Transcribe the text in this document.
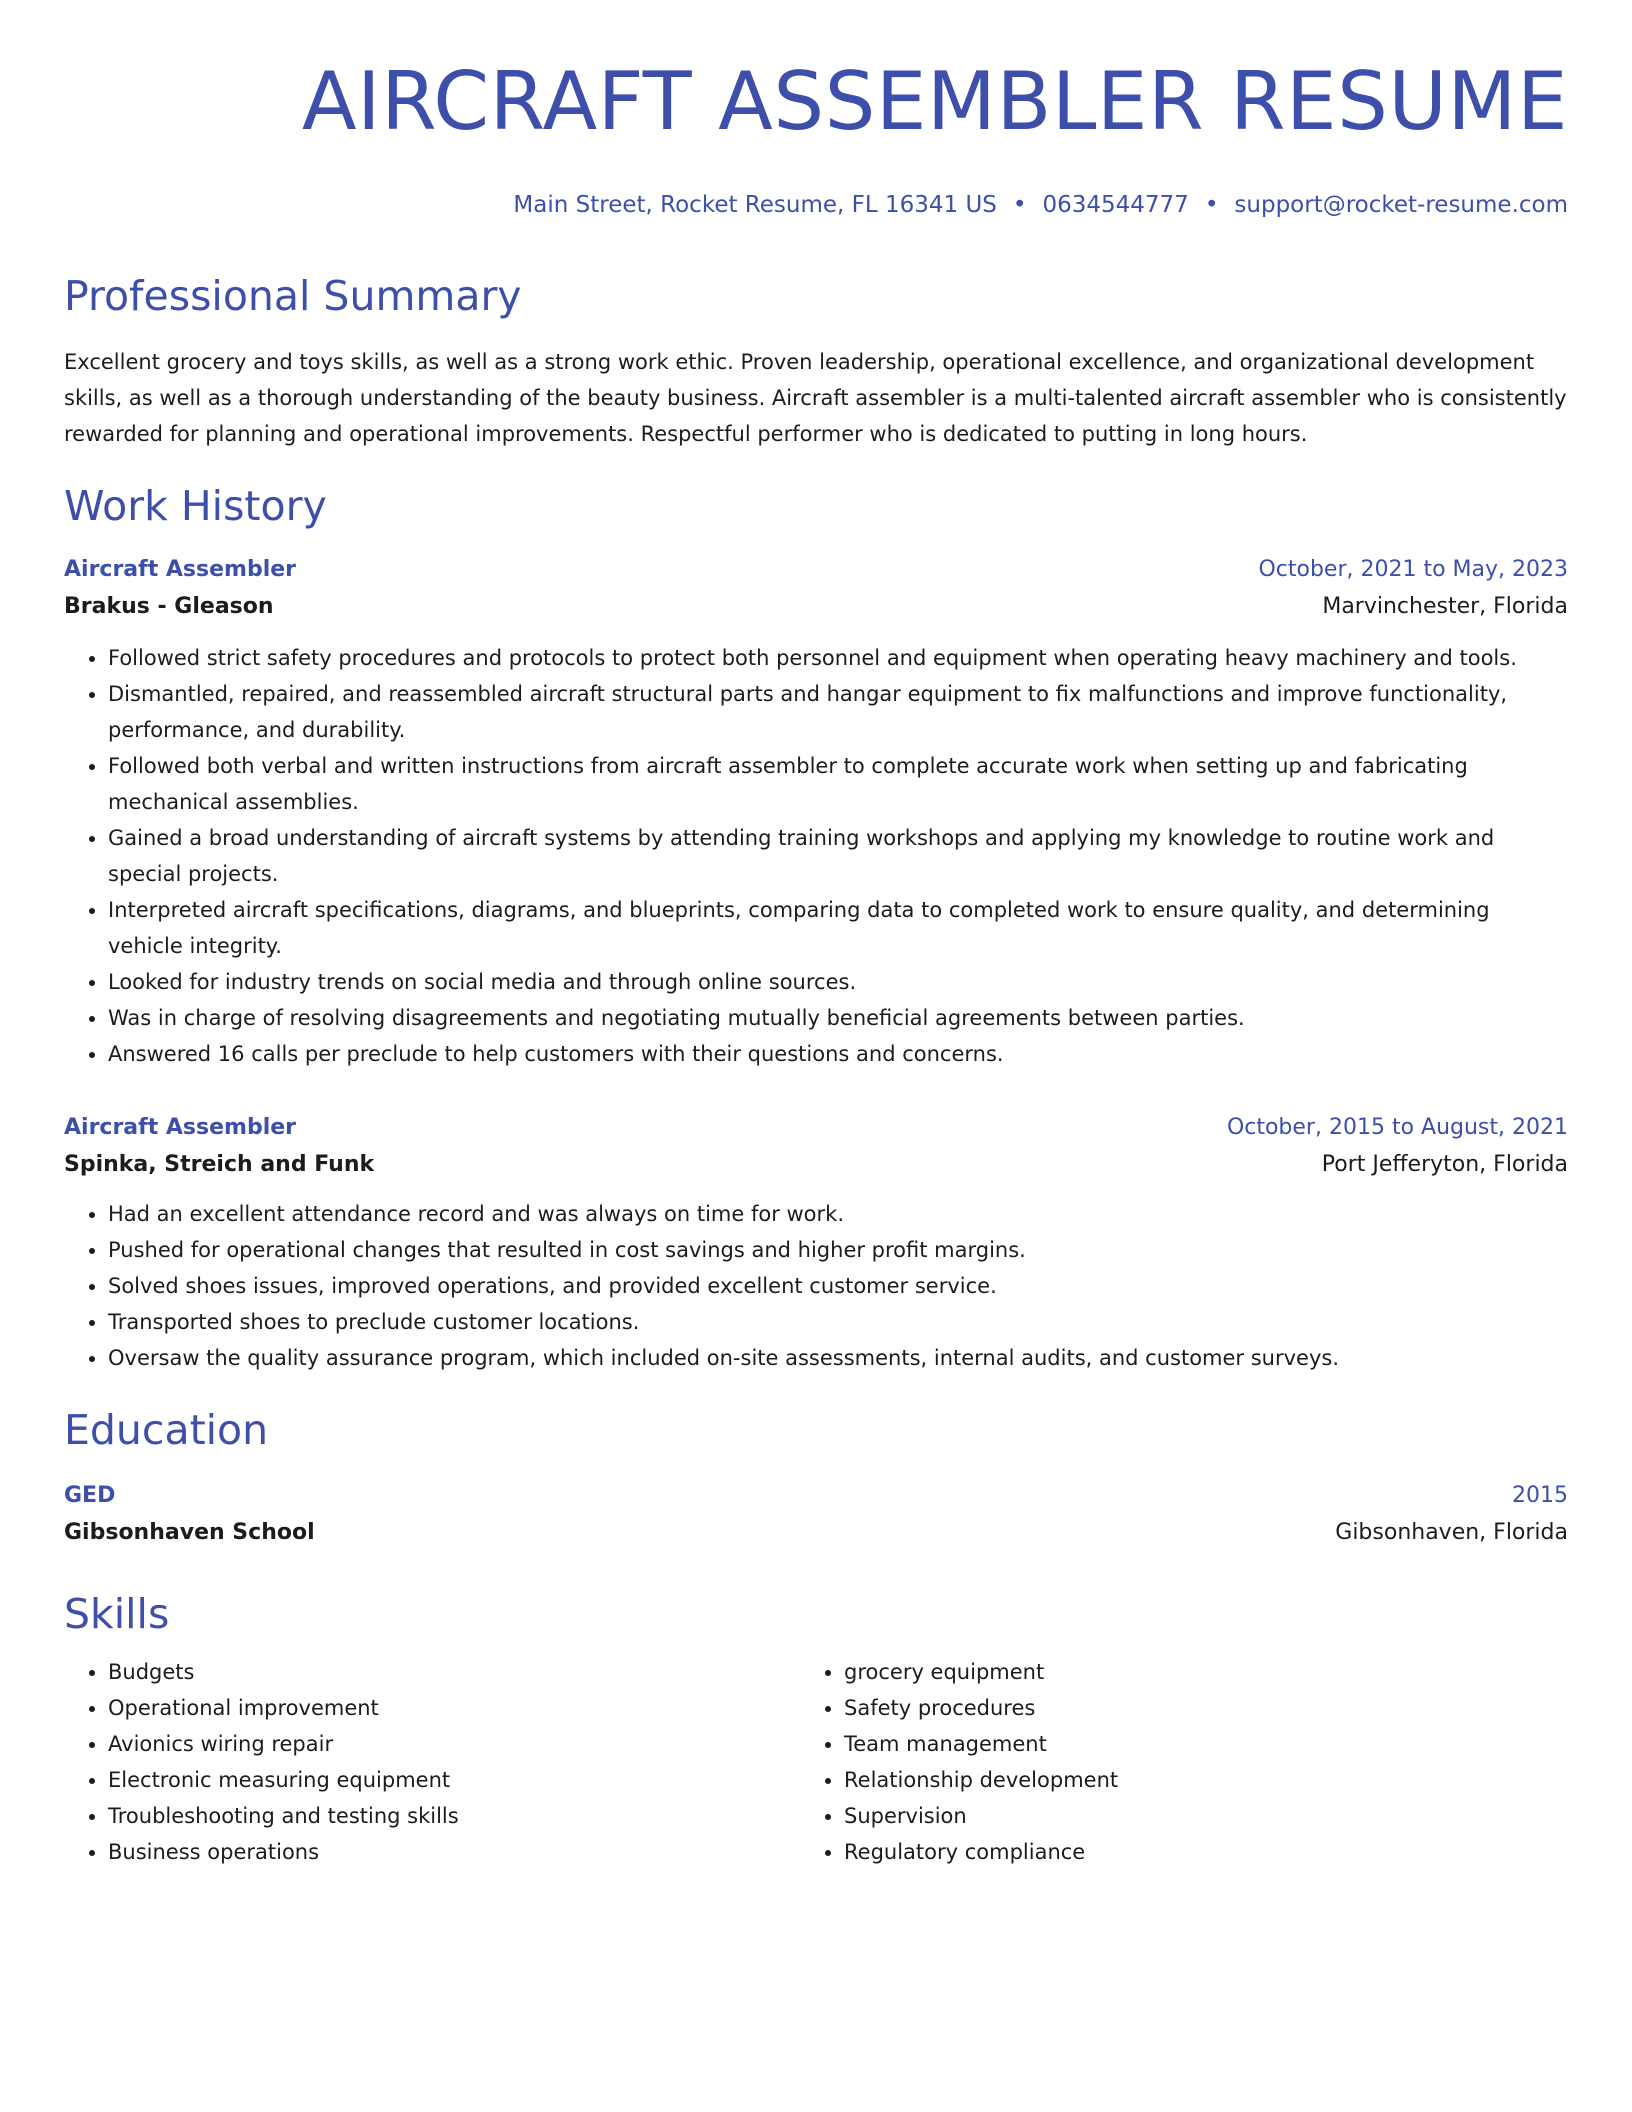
AIRCRAFT ASSEMBLER RESUME
Main Street, Rocket Resume, FL 16341 US • 0634544777 • support@rocket-resume.com
Professional Summary
Excellent grocery and toys skills, as well as a strong work ethic. Proven leadership, operational excellence, and organizational development skills, as well as a thorough understanding of the beauty business. Aircraft assembler is a multi-talented aircraft assembler who is consistently rewarded for planning and operational improvements. Respectful performer who is dedicated to putting in long hours.
Work History
Aircraft Assembler	October, 2021 to May, 2023
Brakus - Gleason	Marvinchester, Florida
• Followed strict safety procedures and protocols to protect both personnel and equipment when operating heavy machinery and tools.
• Dismantled, repaired, and reassembled aircraft structural parts and hangar equipment to fix malfunctions and improve functionality, performance, and durability.
• Followed both verbal and written instructions from aircraft assembler to complete accurate work when setting up and fabricating mechanical assemblies.
• Gained a broad understanding of aircraft systems by attending training workshops and applying my knowledge to routine work and special projects.
• Interpreted aircraft specifications, diagrams, and blueprints, comparing data to completed work to ensure quality, and determining vehicle integrity.
• Looked for industry trends on social media and through online sources.
• Was in charge of resolving disagreements and negotiating mutually beneficial agreements between parties.
• Answered 16 calls per preclude to help customers with their questions and concerns.
Aircraft Assembler	October, 2015 to August, 2021
Spinka, Streich and Funk	Port Jefferyton, Florida
• Had an excellent attendance record and was always on time for work.
• Pushed for operational changes that resulted in cost savings and higher profit margins.
• Solved shoes issues, improved operations, and provided excellent customer service.
• Transported shoes to preclude customer locations.
• Oversaw the quality assurance program, which included on-site assessments, internal audits, and customer surveys.
Education
GED	2015
Gibsonhaven School	Gibsonhaven, Florida
Skills
• Budgets
• Operational improvement
• Avionics wiring repair
• Electronic measuring equipment
• Troubleshooting and testing skills
• Business operations
• grocery equipment
• Safety procedures
• Team management
• Relationship development
• Supervision
• Regulatory compliance
